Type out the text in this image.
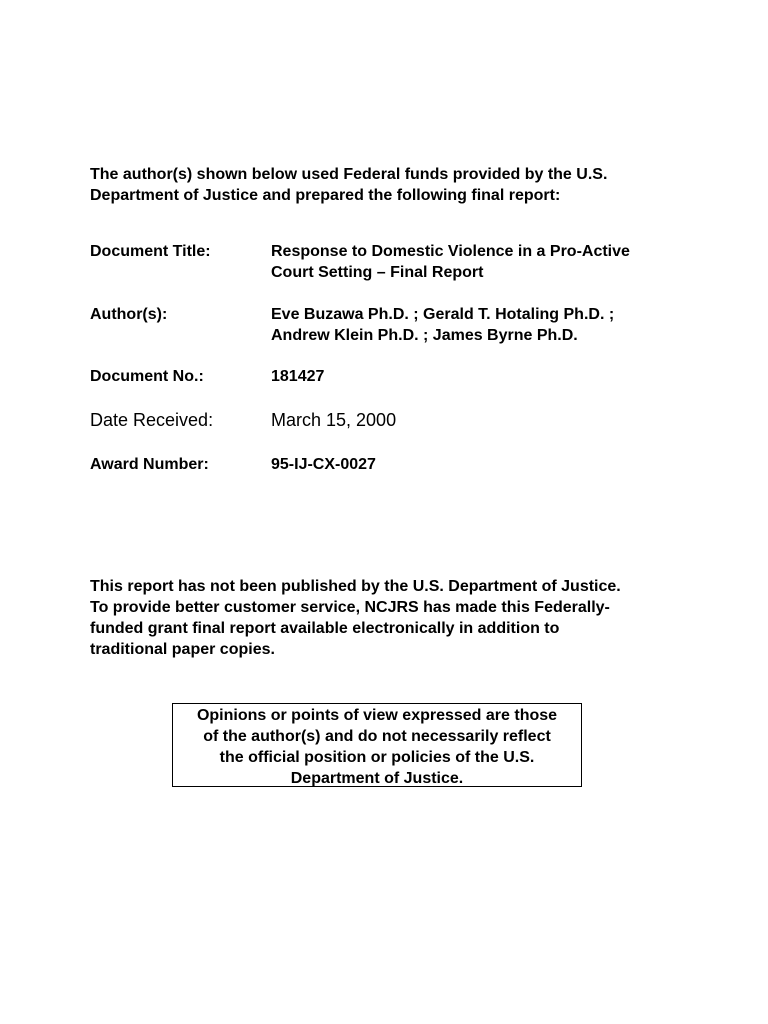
The author(s) shown below used Federal funds provided by the U.S.

Department of Justice and prepared the following final report:

Document Title:	Response to Domestic Violence in a Pro-Active

Court Setting – Final Report

Author(s):	Eve Buzawa Ph.D. ; Gerald T. Hotaling Ph.D. ;

Andrew Klein Ph.D. ; James Byrne Ph.D.

Document No.:	181427
Date Received:	March 15, 2000
Award Number:	95-IJ-CX-0027

This report has not been published by the U.S. Department of Justice.

To provide better customer service, NCJRS has made this Federally-

funded grant final report available electronically in addition to

traditional paper copies.

Opinions or points of view expressed are those

of the author(s) and do not necessarily reflect

the official position or policies of the U.S.

Department of Justice.
